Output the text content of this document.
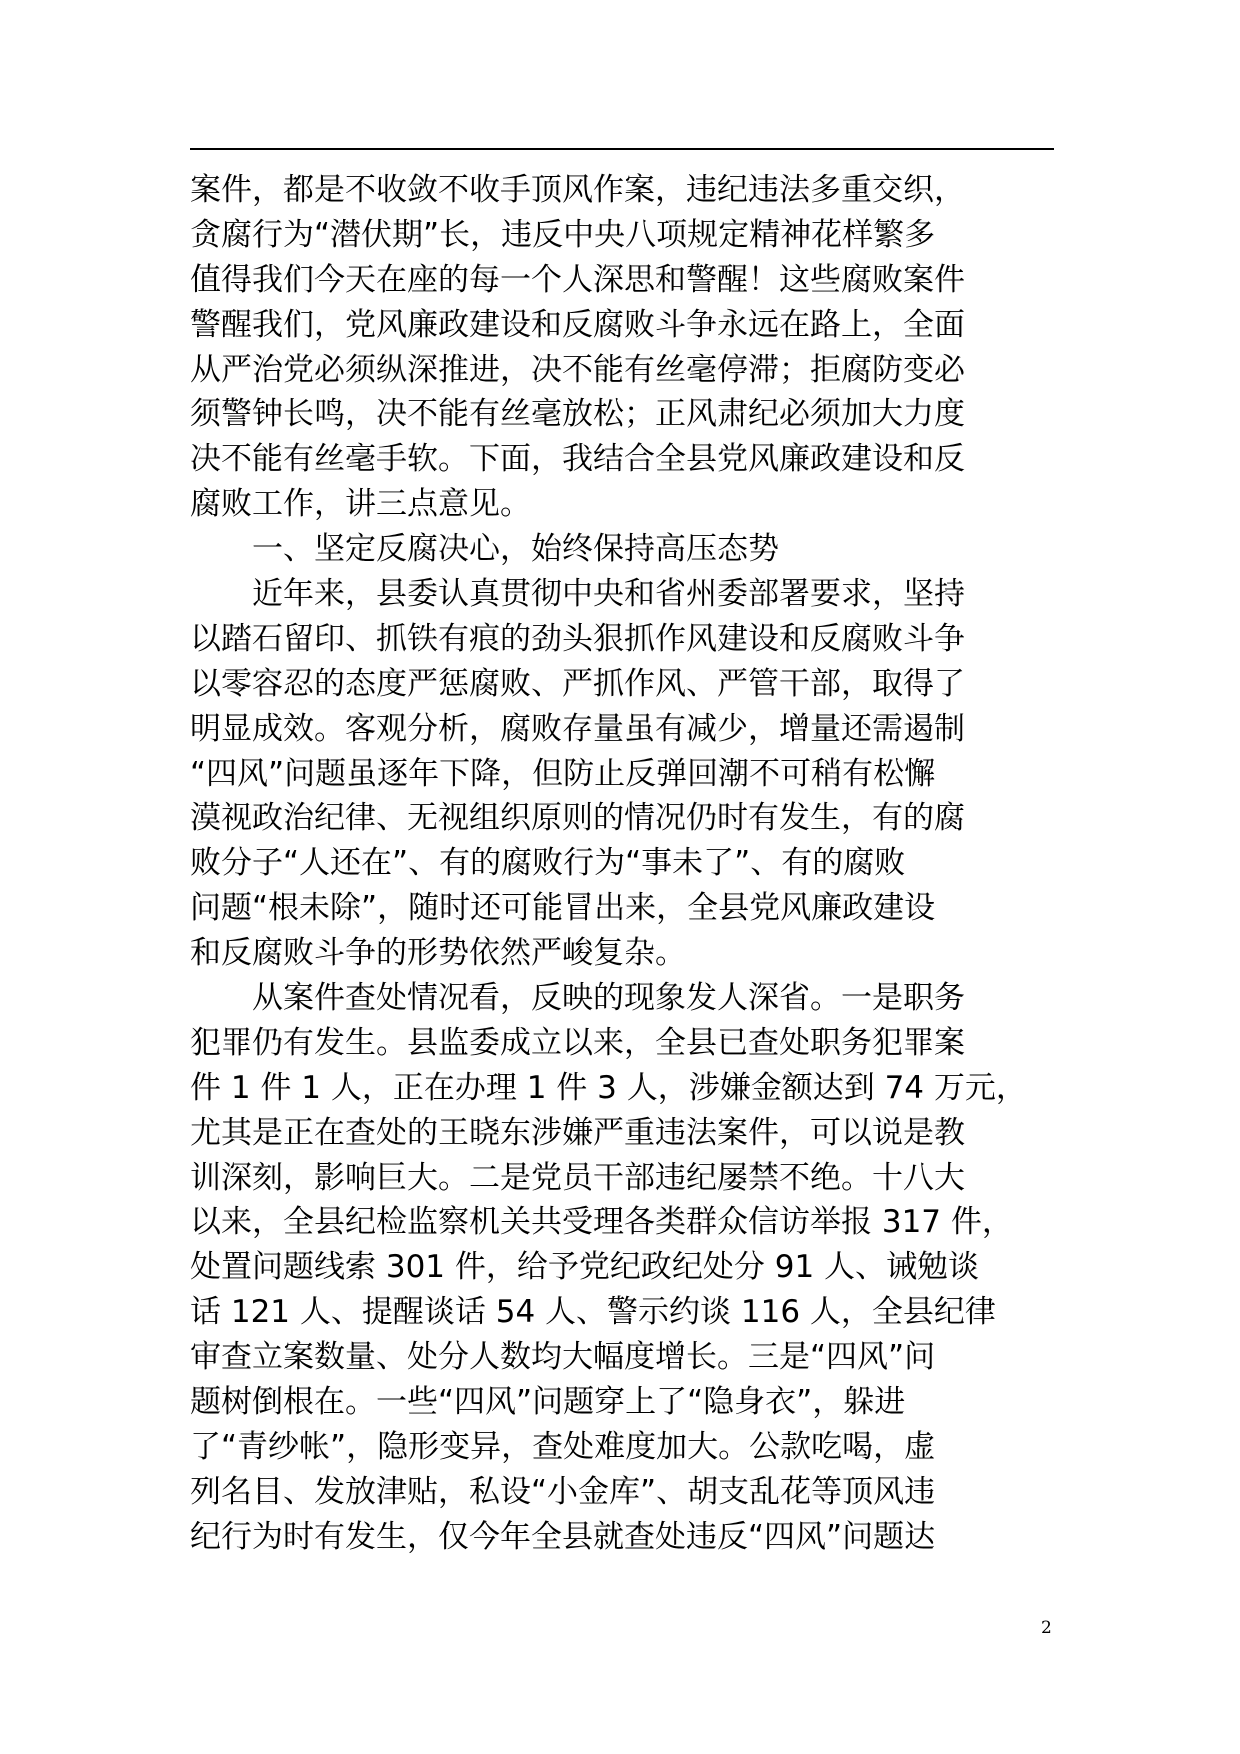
案件，都是不收敛不收手顶风作案，违纪违法多重交织，
贪腐行为“潜伏期”长，违反中央八项规定精神花样繁多
值得我们今天在座的每一个人深思和警醒！这些腐败案件
警醒我们，党风廉政建设和反腐败斗争永远在路上，全面
从严治党必须纵深推进，决不能有丝毫停滞；拒腐防变必
须警钟长鸣，决不能有丝毫放松；正风肃纪必须加大力度
决不能有丝毫手软。下面，我结合全县党风廉政建设和反
腐败工作，讲三点意见。
一、坚定反腐决心，始终保持高压态势
近年来，县委认真贯彻中央和省州委部署要求，坚持
以踏石留印、抓铁有痕的劲头狠抓作风建设和反腐败斗争
以零容忍的态度严惩腐败、严抓作风、严管干部，取得了
明显成效。客观分析，腐败存量虽有减少，增量还需遏制
“四风”问题虽逐年下降，但防止反弹回潮不可稍有松懈
漠视政治纪律、无视组织原则的情况仍时有发生，有的腐
败分子“人还在”、有的腐败行为“事未了”、有的腐败
问题“根未除”，随时还可能冒出来，全县党风廉政建设
和反腐败斗争的形势依然严峻复杂。
从案件查处情况看，反映的现象发人深省。一是职务
犯罪仍有发生。县监委成立以来，全县已查处职务犯罪案
件 1 件 1 人，正在办理 1 件 3 人，涉嫌金额达到 74 万元，
尤其是正在查处的王晓东涉嫌严重违法案件，可以说是教
训深刻，影响巨大。二是党员干部违纪屡禁不绝。十八大
以来，全县纪检监察机关共受理各类群众信访举报 317 件，
处置问题线索 301 件，给予党纪政纪处分 91 人、诫勉谈
话 121 人、提醒谈话 54 人、警示约谈 116 人，全县纪律
审查立案数量、处分人数均大幅度增长。三是“四风”问
题树倒根在。一些“四风”问题穿上了“隐身衣”，躲进
了“青纱帐”，隐形变异，查处难度加大。公款吃喝，虚
列名目、发放津贴，私设“小金库”、胡支乱花等顶风违
纪行为时有发生，仅今年全县就查处违反“四风”问题达
2
